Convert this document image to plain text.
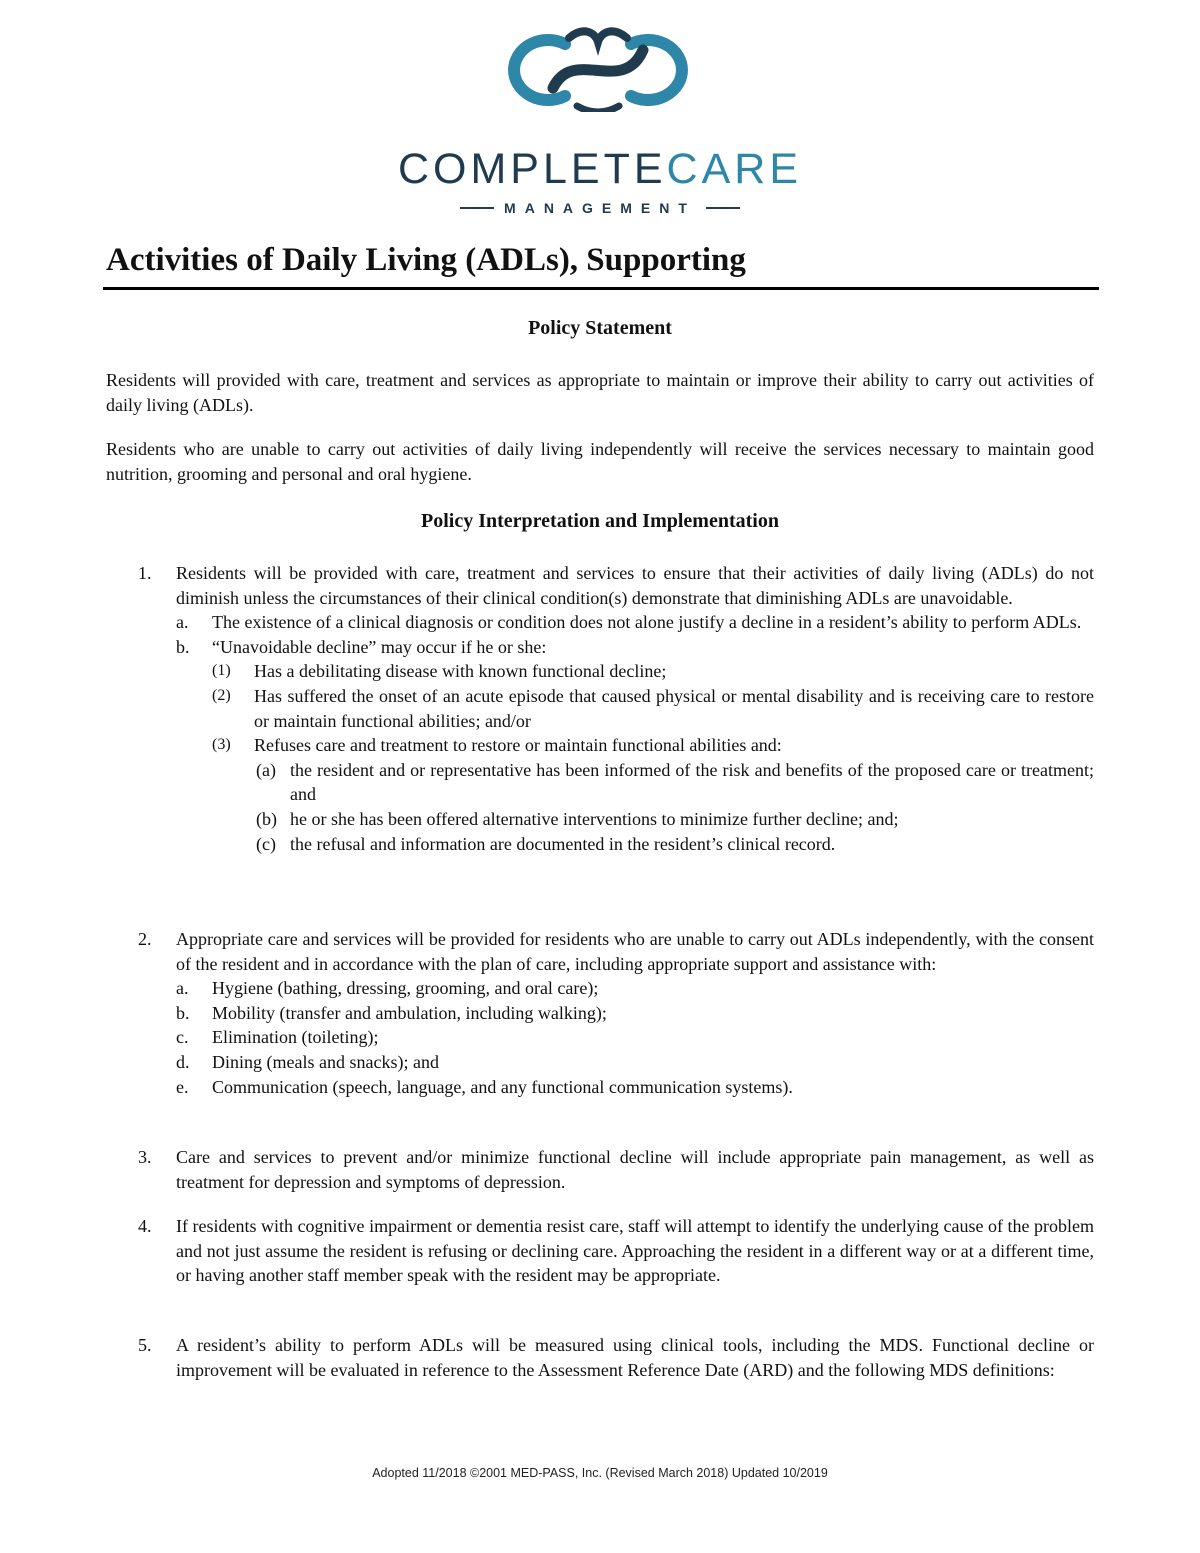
COMPLETECARE
MANAGEMENT
Activities of Daily Living (ADLs), Supporting
Policy Statement
Residents will provided with care, treatment and services as appropriate to maintain or improve their ability to carry out activities of daily living (ADLs).
Residents who are unable to carry out activities of daily living independently will receive the services necessary to maintain good nutrition, grooming and personal and oral hygiene.
Policy Interpretation and Implementation
1. Residents will be provided with care, treatment and services to ensure that their activities of daily living (ADLs) do not diminish unless the circumstances of their clinical condition(s) demonstrate that diminishing ADLs are unavoidable.
a. The existence of a clinical diagnosis or condition does not alone justify a decline in a resident’s ability to perform ADLs.
b. “Unavoidable decline” may occur if he or she:
(1) Has a debilitating disease with known functional decline;
(2) Has suffered the onset of an acute episode that caused physical or mental disability and is receiving care to restore or maintain functional abilities; and/or
(3) Refuses care and treatment to restore or maintain functional abilities and:
(a) the resident and or representative has been informed of the risk and benefits of the proposed care or treatment; and
(b) he or she has been offered alternative interventions to minimize further decline; and;
(c) the refusal and information are documented in the resident’s clinical record.
2. Appropriate care and services will be provided for residents who are unable to carry out ADLs independently, with the consent of the resident and in accordance with the plan of care, including appropriate support and assistance with:
a. Hygiene (bathing, dressing, grooming, and oral care);
b. Mobility (transfer and ambulation, including walking);
c. Elimination (toileting);
d. Dining (meals and snacks); and
e. Communication (speech, language, and any functional communication systems).
3. Care and services to prevent and/or minimize functional decline will include appropriate pain management, as well as treatment for depression and symptoms of depression.
4. If residents with cognitive impairment or dementia resist care, staff will attempt to identify the underlying cause of the problem and not just assume the resident is refusing or declining care. Approaching the resident in a different way or at a different time, or having another staff member speak with the resident may be appropriate.
5. A resident’s ability to perform ADLs will be measured using clinical tools, including the MDS. Functional decline or improvement will be evaluated in reference to the Assessment Reference Date (ARD) and the following MDS definitions:
Adopted 11/2018 ©2001 MED-PASS, Inc. (Revised March 2018) Updated 10/2019
